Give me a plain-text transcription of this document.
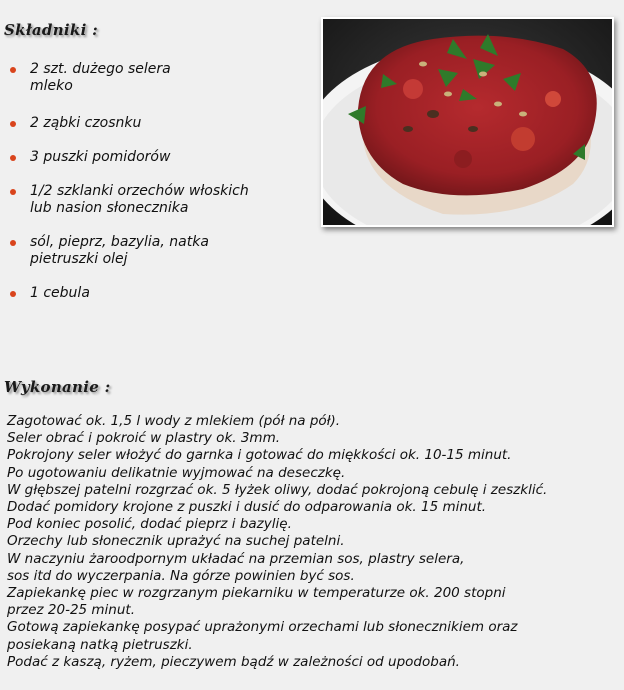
Składniki :
2 szt. dużego selera
mleko
2 ząbki czosnku
3 puszki pomidorów
1/2 szklanki orzechów włoskich
lub nasion słonecznika
sól, pieprz, bazylia, natka
pietruszki olej
1 cebula
Wykonanie :
Zagotować ok. 1,5 l wody z mlekiem (pół na pół).
Seler obrać i pokroić w plastry ok. 3mm.
Pokrojony seler włożyć do garnka i gotować do miękkości ok. 10-15 minut.
Po ugotowaniu delikatnie wyjmować na deseczkę.
W głębszej patelni rozgrzać ok. 5 łyżek oliwy, dodać pokrojoną cebulę i zeszklić.
Dodać pomidory krojone z puszki i dusić do odparowania ok. 15 minut.
Pod koniec posolić, dodać pieprz i bazylię.
Orzechy lub słonecznik uprażyć na suchej patelni.
W naczyniu żaroodpornym układać na przemian sos, plastry selera,
sos itd do wyczerpania. Na górze powinien być sos.
Zapiekankę piec w rozgrzanym piekarniku w temperaturze ok. 200 stopni
przez 20-25 minut.
Gotową zapiekankę posypać uprażonymi orzechami lub słonecznikiem oraz
posiekaną natką pietruszki.
Podać z kaszą, ryżem, pieczywem bądź w zależności od upodobań.
